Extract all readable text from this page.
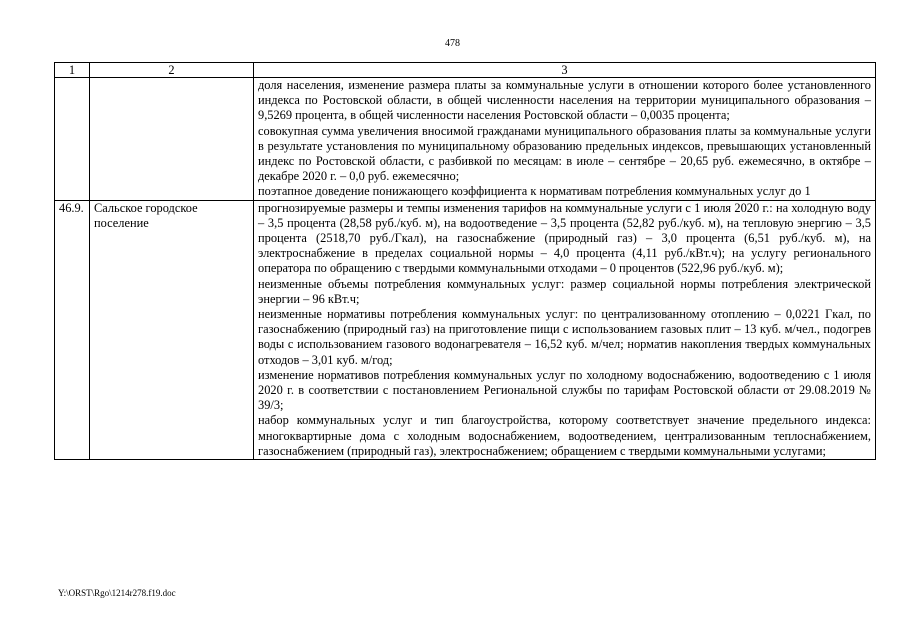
478
1	2	3

		доля населения, изменение размера платы за коммунальные услуги в отношении которого более установленного индекса по Ростовской области, в общей численности населения на территории муниципального образования – 9,5269 процента, в общей численности населения Ростовской области – 0,0035 процента;

совокупная сумма увеличения вносимой гражданами муниципального образования платы за коммунальные услуги в результате установления по муниципальному образованию предельных индексов, превышающих установленный индекс по Ростовской области, с разбивкой по месяцам: в июле – сентябре – 20,65 руб. ежемесячно, в октябре – декабре 2020 г. – 0,0 руб. ежемесячно;

поэтапное доведение понижающего коэффициента к нормативам потребления коммунальных услуг до 1

46.9.	Сальское городское поселение	прогнозируемые размеры и темпы изменения тарифов на коммунальные услуги с 1 июля 2020 г.: на холодную воду – 3,5 процента (28,58 руб./куб. м), на водоотведение – 3,5 процента (52,82 руб./куб. м), на тепловую энергию – 3,5 процента (2518,70 руб./Гкал), на газоснабжение (природный газ) – 3,0 процента (6,51 руб./куб. м), на электроснабжение в пределах социальной нормы – 4,0 процента (4,11 руб./кВт.ч); на услугу регионального оператора по обращению с твердыми коммунальными отходами – 0 процентов (522,96 руб./куб. м);

неизменные объемы потребления коммунальных услуг: размер социальной нормы потребления электрической энергии – 96 кВт.ч;

неизменные нормативы потребления коммунальных услуг: по централизованному отоплению – 0,0221 Гкал, по газоснабжению (природный газ) на приготовление пищи с использованием газовых плит – 13 куб. м/чел., подогрев воды с использованием газового водонагревателя – 16,52 куб. м/чел; норматив накопления твердых коммунальных отходов – 3,01 куб. м/год;

изменение нормативов потребления коммунальных услуг по холодному водоснабжению, водоотведению с 1 июля 2020 г. в соответствии с постановлением Региональной службы по тарифам Ростовской области от 29.08.2019 № 39/3;

набор коммунальных услуг и тип благоустройства, которому соответствует значение предельного индекса: многоквартирные дома с холодным водоснабжением, водоотведением, централизованным теплоснабжением, газоснабжением (природный газ), электроснабжением; обращением с твердыми коммунальными услугами;

Y:\ORST\Rgo\1214r278.f19.doc
